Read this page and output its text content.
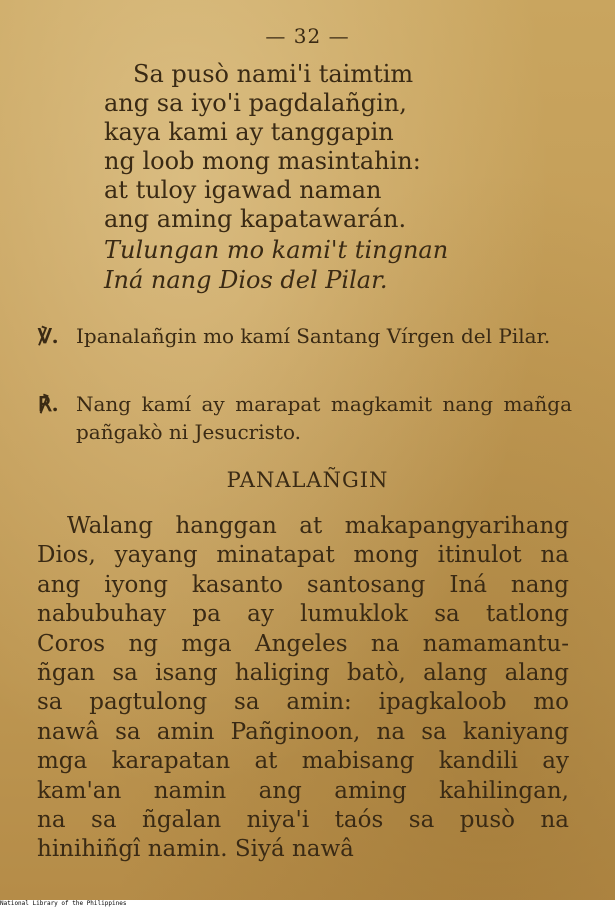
— 32 —
Sa pusò nami'i taimtim
ang sa iyo'i pagdalañgin,
kaya kami ay tanggapin
ng loob mong masintahin:
at tuloy igawad naman
ang aming kapatawarán.
Tulungan mo kami't tingnan
Iná nang Dios del Pilar.
℣. Ipanalañgin mo kamí Santang Vírgen del Pilar.
℟. Nang kamí ay marapat magkamit nang mañga pañgakò ni Jesucristo.
PANALAÑGIN
Walang hanggan at makapangyarihang
Dios, yayang minatapat mong itinulot na
ang iyong kasanto santosang Iná nang
nabubuhay pa ay lumuklok sa tatlong
Coros ng mga Angeles na namamantu-
ñgan sa isang haliging batò, alang alang
sa pagtulong sa amin: ipagkaloob mo
nawâ sa amin Pañginoon, na sa kaniyang
mga karapatan at mabisang kandili ay
kam'an namin ang aming kahilingan,
na sa ñgalan niya'i taós sa pusò na
hinihiñgî namin. Siyá nawâ
National Library of the Philippines
